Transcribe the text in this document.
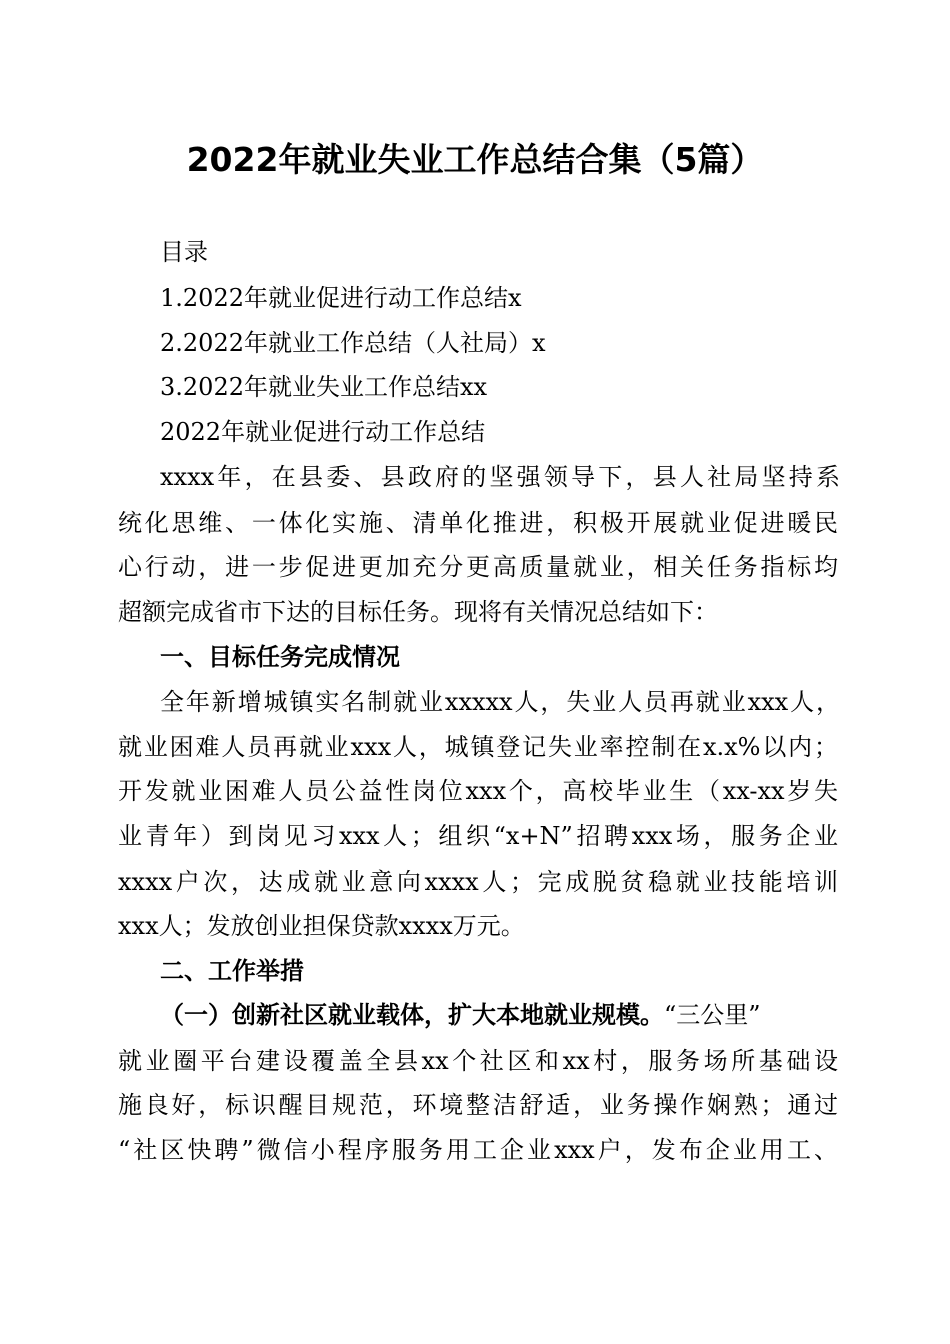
2022年就业失业工作总结合集（5篇）
目录
1.2022年就业促进行动工作总结x
2.2022年就业工作总结（人社局）x
3.2022年就业失业工作总结xx
2022年就业促进行动工作总结
xxxx年，在县委、县政府的坚强领导下，县人社局坚持系
统化思维、一体化实施、清单化推进，积极开展就业促进暖民
心行动，进一步促进更加充分更高质量就业，相关任务指标均
超额完成省市下达的目标任务。现将有关情况总结如下：
一、目标任务完成情况
全年新增城镇实名制就业xxxxx人，失业人员再就业xxx人，
就业困难人员再就业xxx人，城镇登记失业率控制在x.x%以内；
开发就业困难人员公益性岗位xxx个，高校毕业生（xx-xx岁失
业青年）到岗见习xxx人；组织“x+N”招聘xxx场，服务企业
xxxx户次，达成就业意向xxxx人；完成脱贫稳就业技能培训
xxx人；发放创业担保贷款xxxx万元。
二、工作举措
（一）创新社区就业载体，扩大本地就业规模。“三公里”
就业圈平台建设覆盖全县xx个社区和xx村，服务场所基础设
施良好，标识醒目规范，环境整洁舒适，业务操作娴熟；通过
“社区快聘”微信小程序服务用工企业xxx户，发布企业用工、
